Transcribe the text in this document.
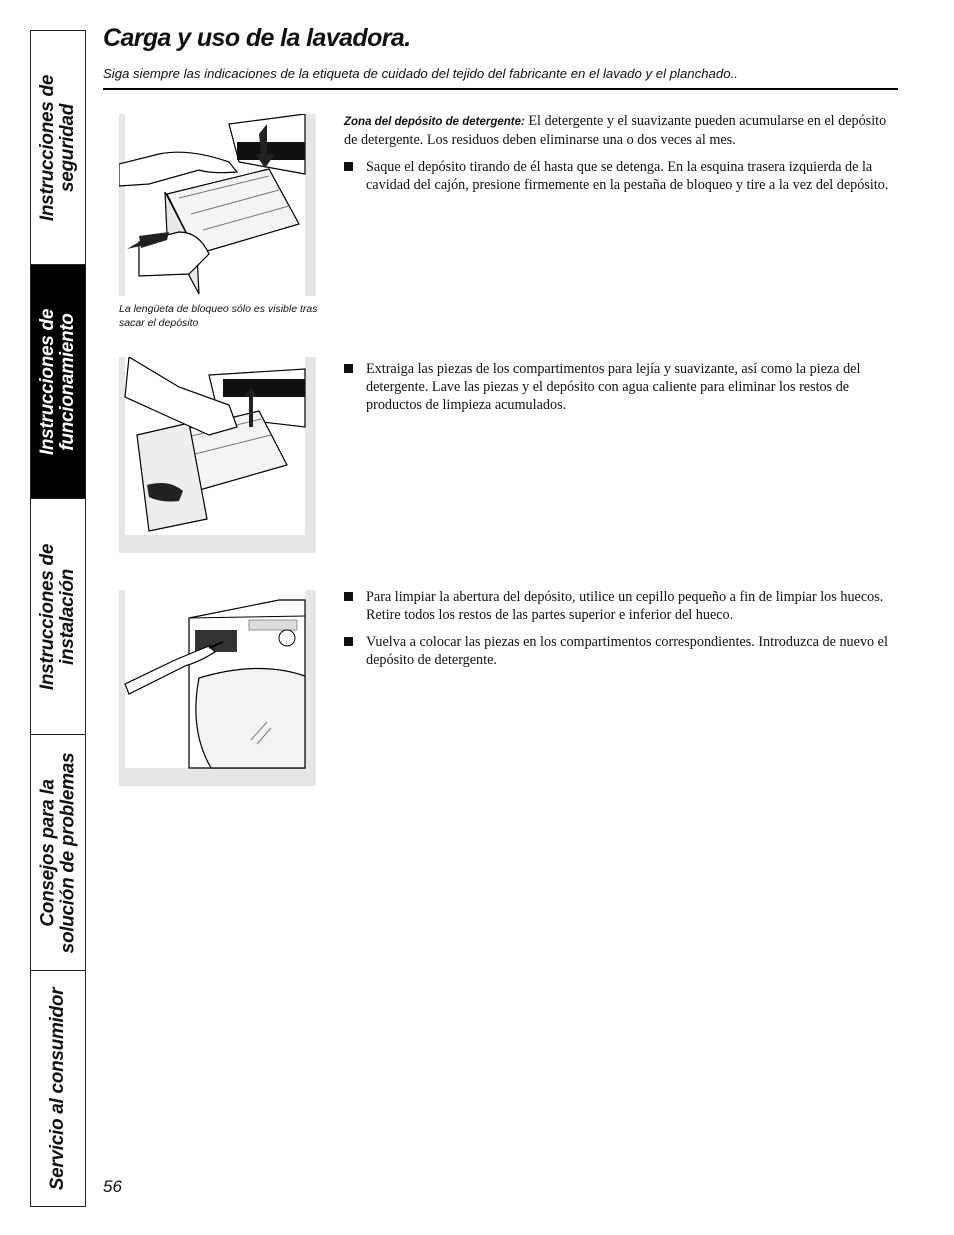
Instrucciones de seguridad
Instrucciones de funcionamiento
Instrucciones de instalación
Consejos para la solución de problemas
Servicio al consumidor
Carga y uso de la lavadora.
Siga siempre las indicaciones de la etiqueta de cuidado del tejido del fabricante en el lavado y el planchado..
La lengüeta de bloqueo sólo es visible tras sacar el depósito

Zona del depósito de detergente: El detergente y el suavizante pueden acumularse en el depósito de detergente. Los residuos deben eliminarse una o dos veces al mes.

Saque el depósito tirando de él hasta que se detenga. En la esquina trasera izquierda de la cavidad del cajón, presione firmemente en la pestaña de bloqueo y tire a la vez del depósito.
Extraiga las piezas de los compartimentos para lejía y suavizante, así como la pieza del detergente. Lave las piezas y el depósito con agua caliente para eliminar los restos de productos de limpieza acumulados.
Para limpiar la abertura del depósito, utilice un cepillo pequeño a fin de limpiar los huecos. Retire todos los restos de las partes superior e inferior del hueco.
Vuelva a colocar las piezas en los compartimentos correspondientes. Introduzca de nuevo el depósito de detergente.
56
